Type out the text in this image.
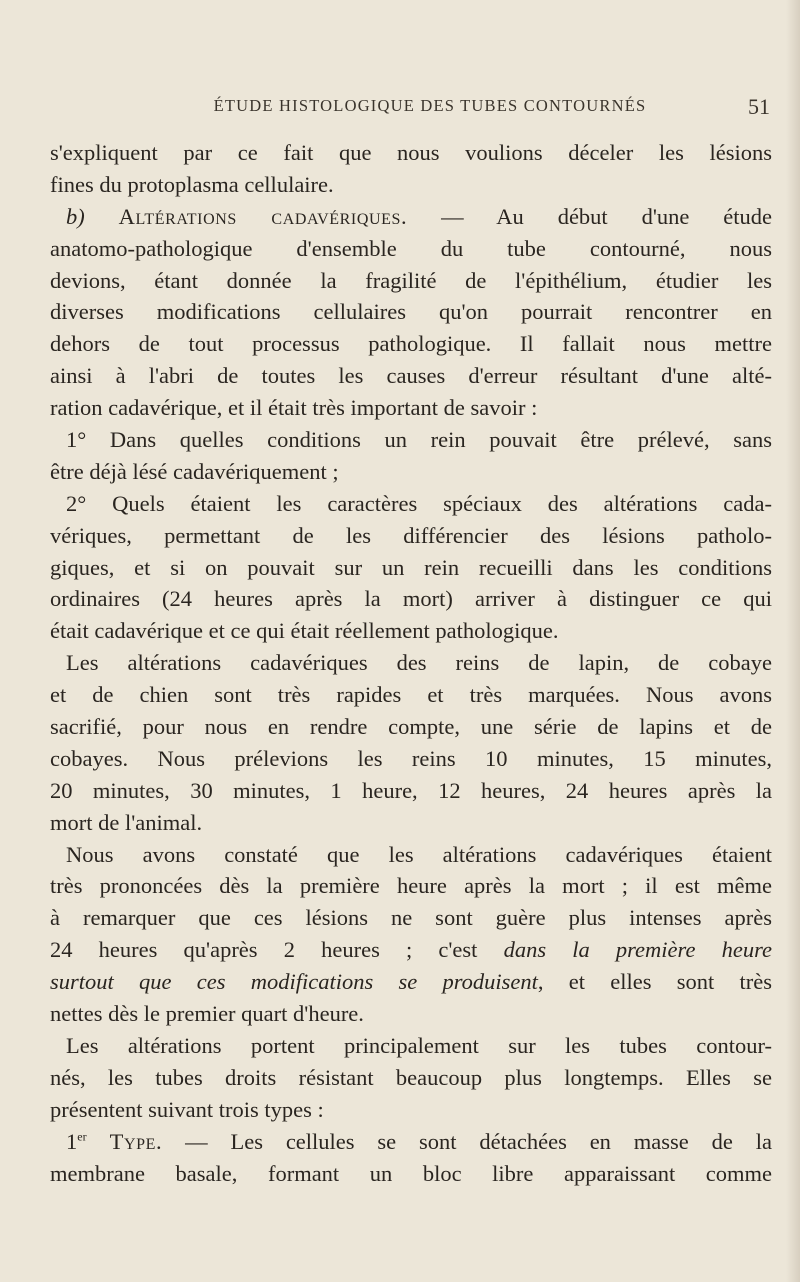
ÉTUDE HISTOLOGIQUE DES TUBES CONTOURNÉS	51
s'expliquent par ce fait que nous voulions déceler les lésions
fines du protoplasma cellulaire.
b) Altérations cadavériques. — Au début d'une étude
anatomo-pathologique d'ensemble du tube contourné, nous
devions, étant donnée la fragilité de l'épithélium, étudier les
diverses modifications cellulaires qu'on pourrait rencontrer en
dehors de tout processus pathologique. Il fallait nous mettre
ainsi à l'abri de toutes les causes d'erreur résultant d'une alté-
ration cadavérique, et il était très important de savoir :
1° Dans quelles conditions un rein pouvait être prélevé, sans
être déjà lésé cadavériquement ;
2° Quels étaient les caractères spéciaux des altérations cada-
vériques, permettant de les différencier des lésions patholo-
giques, et si on pouvait sur un rein recueilli dans les conditions
ordinaires (24 heures après la mort) arriver à distinguer ce qui
était cadavérique et ce qui était réellement pathologique.
Les altérations cadavériques des reins de lapin, de cobaye
et de chien sont très rapides et très marquées. Nous avons
sacrifié, pour nous en rendre compte, une série de lapins et de
cobayes. Nous prélevions les reins 10 minutes, 15 minutes,
20 minutes, 30 minutes, 1 heure, 12 heures, 24 heures après la
mort de l'animal.
Nous avons constaté que les altérations cadavériques étaient
très prononcées dès la première heure après la mort ; il est même
à remarquer que ces lésions ne sont guère plus intenses après
24 heures qu'après 2 heures ; c'est dans la première heure
surtout que ces modifications se produisent, et elles sont très
nettes dès le premier quart d'heure.
Les altérations portent principalement sur les tubes contour-
nés, les tubes droits résistant beaucoup plus longtemps. Elles se
présentent suivant trois types :
1er Type. — Les cellules se sont détachées en masse de la
membrane basale, formant un bloc libre apparaissant comme
